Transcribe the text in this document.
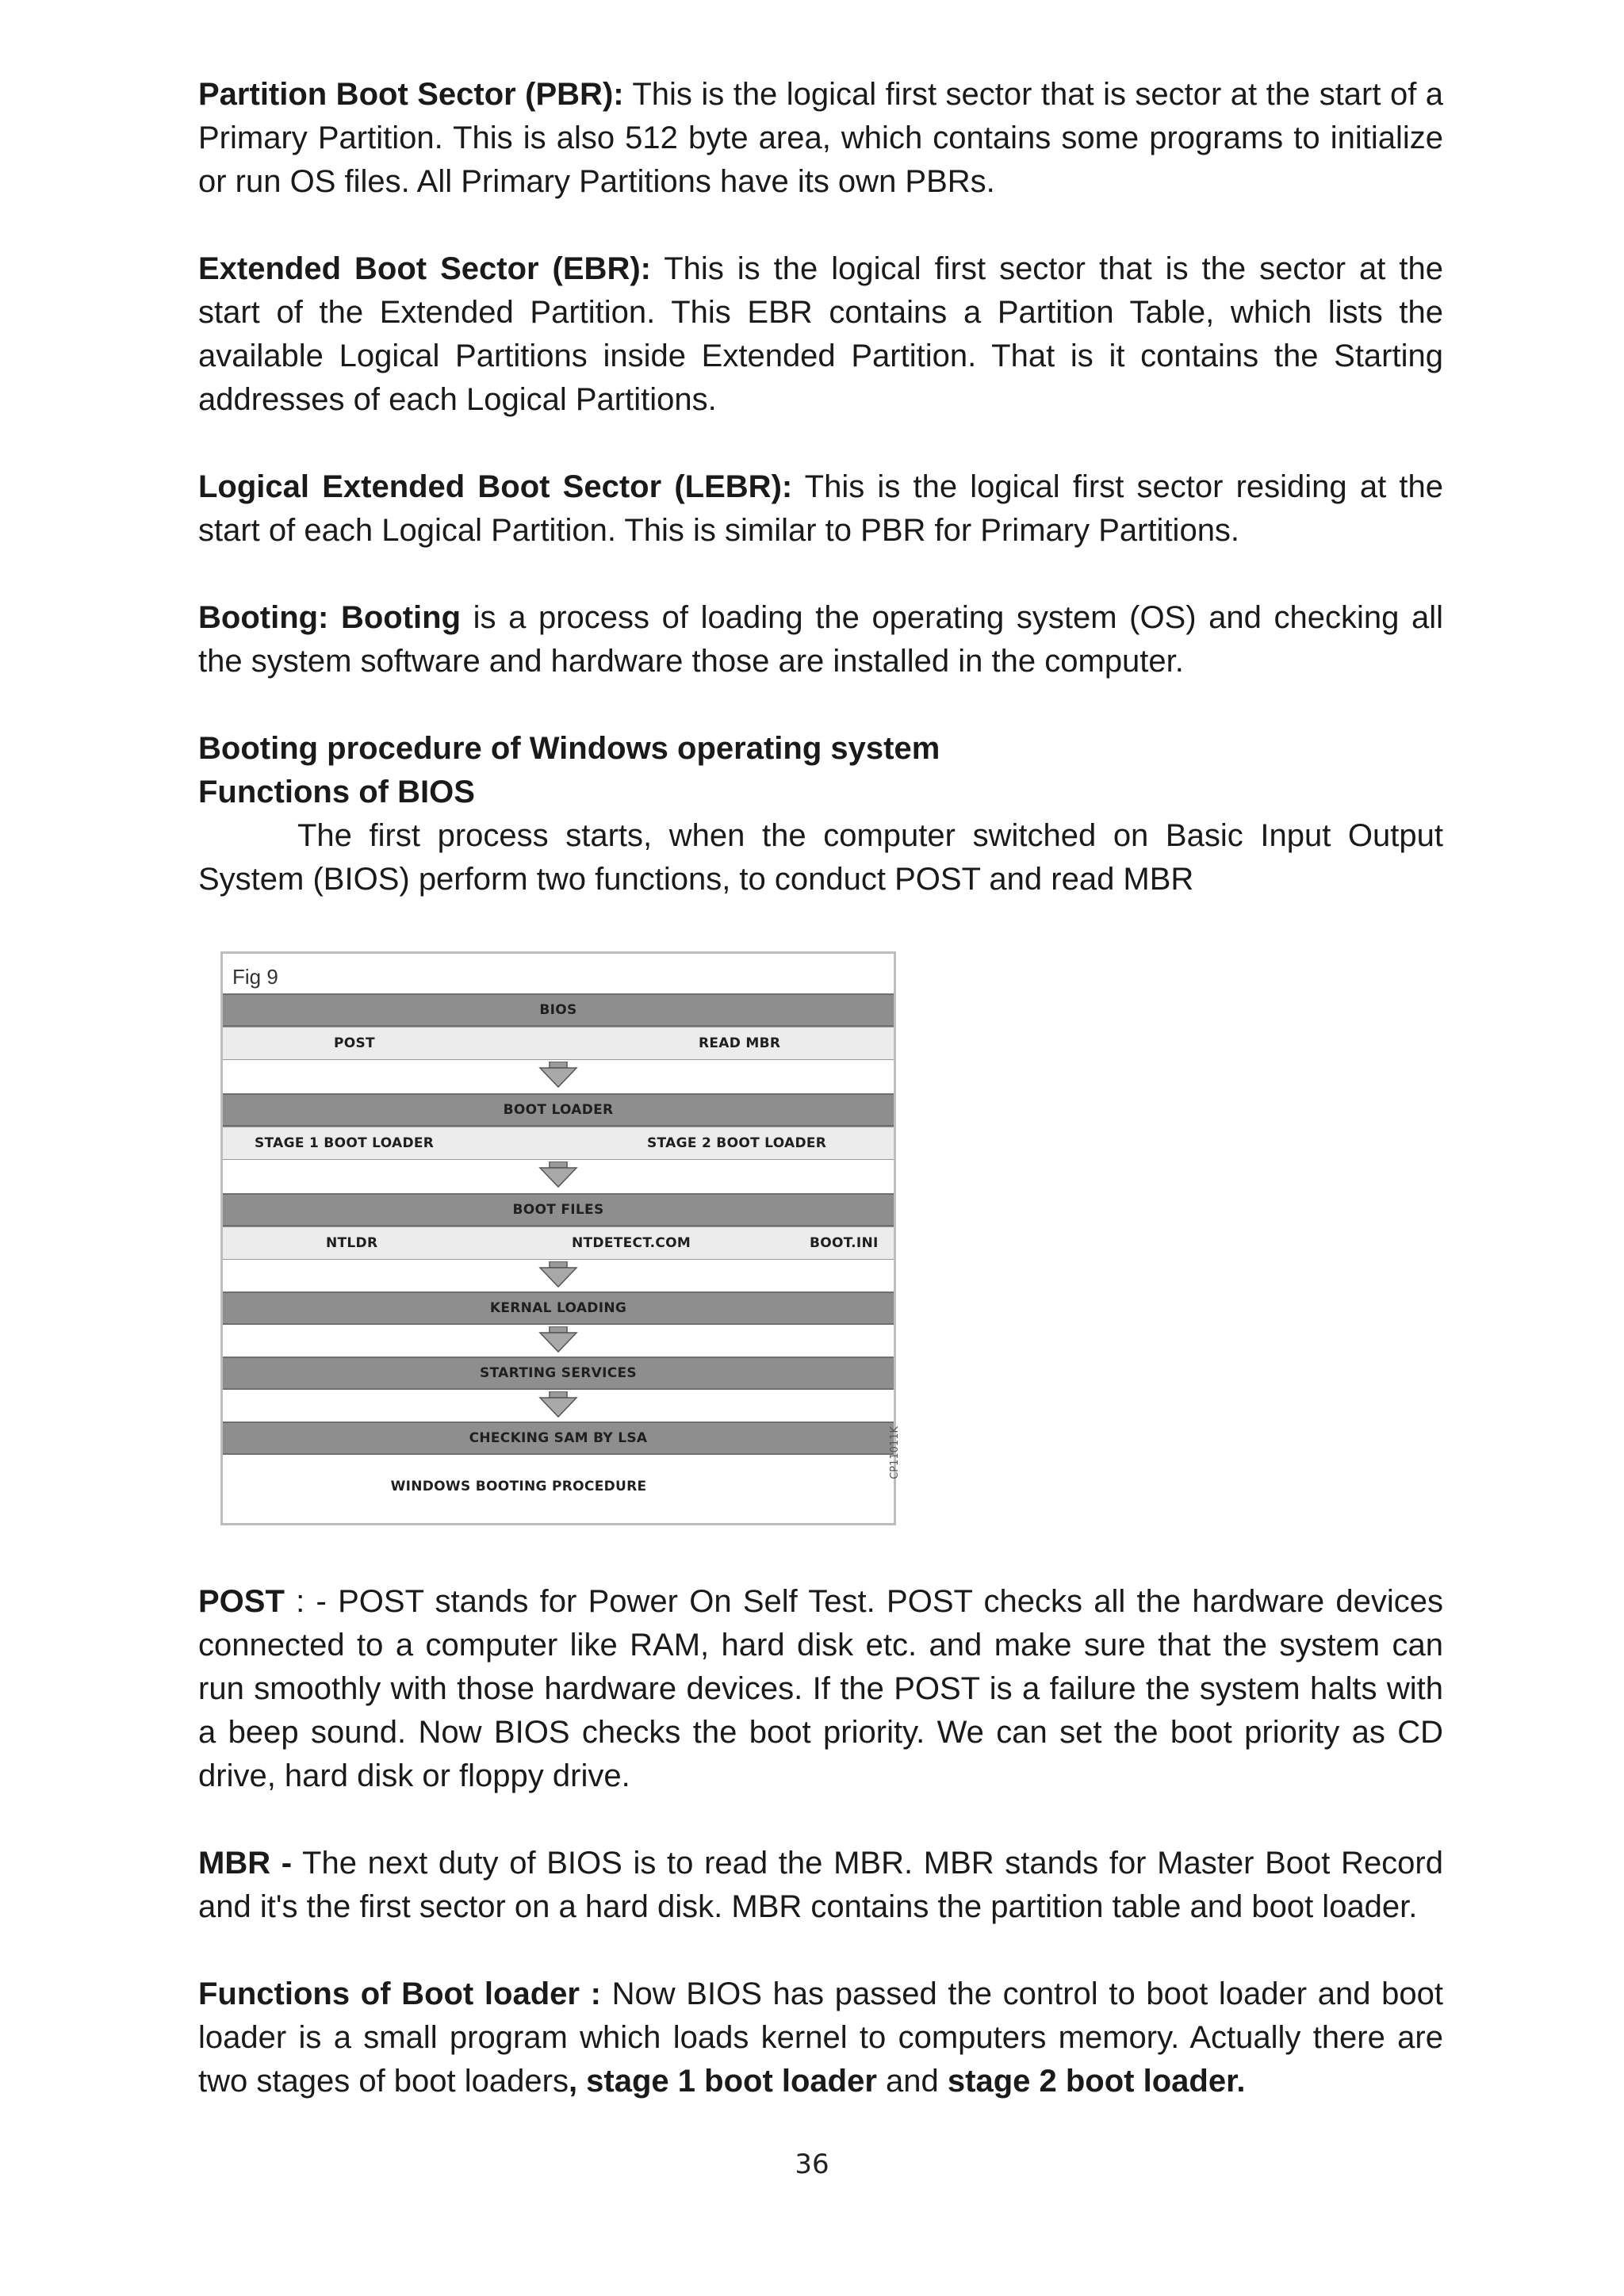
Partition Boot Sector (PBR): This is the logical first sector that is sector at the start of a Primary Partition. This is also 512 byte area, which contains some programs to initialize or run OS files. All Primary Partitions have its own PBRs.

Extended Boot Sector (EBR): This is the logical first sector that is the sector at the start of the Extended Partition. This EBR contains a Partition Table, which lists the available Logical Partitions inside Extended Partition. That is it contains the Starting addresses of each Logical Partitions.

Logical Extended Boot Sector (LEBR): This is the logical first sector residing at the start of each Logical Partition. This is similar to PBR for Primary Partitions.

Booting: Booting is a process of loading the operating system (OS) and checking all the system software and hardware those are installed in the computer.

Booting procedure of Windows operating system

Functions of BIOS

The first process starts, when the computer switched on Basic Input Output System (BIOS) perform two functions, to conduct POST and read MBR

Fig 9
BIOS
POST	READ MBR
BOOT LOADER
STAGE 1 BOOT LOADER	STAGE 2 BOOT LOADER
BOOT FILES
NTLDR	NTDETECT.COM	BOOT.INI
KERNAL LOADING
STARTING SERVICES
CHECKING SAM BY LSA
WINDOWS BOOTING PROCEDURE
CP11011K

POST : - POST stands for Power On Self Test. POST checks all the hardware devices connected to a computer like RAM, hard disk etc. and make sure that the system can run smoothly with those hardware devices. If the POST is a failure the system halts with a beep sound. Now BIOS checks the boot priority. We can set the boot priority as CD drive, hard disk or floppy drive.

MBR - The next duty of BIOS is to read the MBR. MBR stands for Master Boot Record and it's the first sector on a hard disk. MBR contains the partition table and boot loader.

Functions of Boot loader : Now BIOS has passed the control to boot loader and boot loader is a small program which loads kernel to computers memory. Actually there are two stages of boot loaders, stage 1 boot loader and stage 2 boot loader.

36
